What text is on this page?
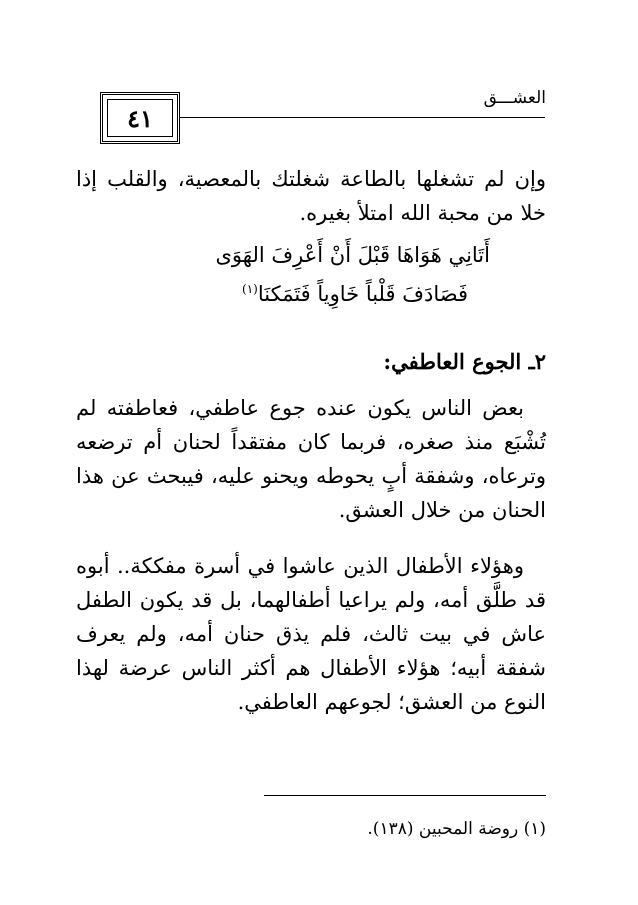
العشـــق
٤١

وإن لم تشغلها بالطاعة شغلتك بالمعصية، والقلب إذا خلا من محبة الله امتلأ بغيره.

أَتَانِي هَوَاهَا قَبْلَ أَنْ أَعْرِفَ الهَوَى
فَصَادَفَ قَلْباً خَاوِياً فَتَمَكنَا$^{(١)}$

٢ـ الجوع العاطفي:

بعض الناس يكون عنده جوع عاطفي، فعاطفته لم تُشْبَع منذ صغره، فربما كان مفتقداً لحنان أم ترضعه وترعاه، وشفقة أبٍ يحوطه ويحنو عليه، فيبحث عن هذا الحنان من خلال العشق.

وهؤلاء الأطفال الذين عاشوا في أسرة مفككة.. أبوه قد طلَّق أمه، ولم يراعيا أطفالهما، بل قد يكون الطفل عاش في بيت ثالث، فلم يذق حنان أمه، ولم يعرف شفقة أبيه؛ هؤلاء الأطفال هم أكثر الناس عرضة لهذا النوع من العشق؛ لجوعهم العاطفي.

(١) روضة المحبين (١٣٨).
